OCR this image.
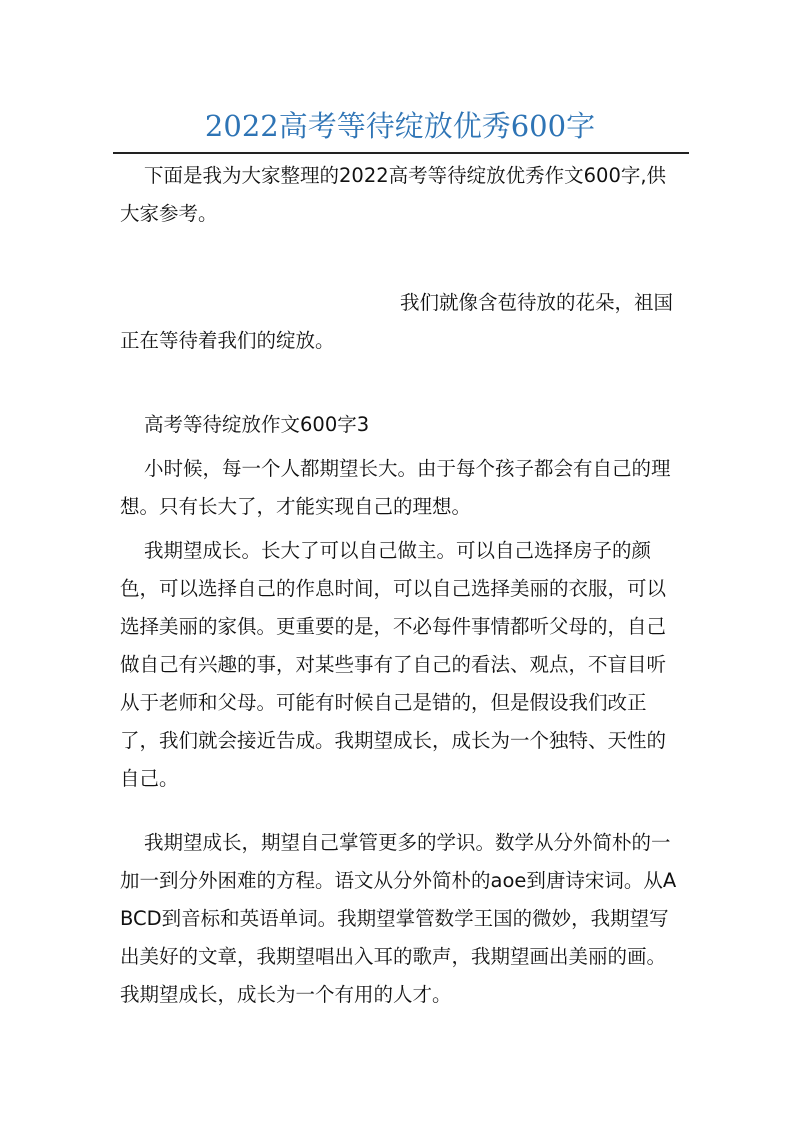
2022高考等待绽放优秀600字

下面是我为大家整理的2022高考等待绽放优秀作文600字,供大家参考。

我们就像含苞待放的花朵，祖国正在等待着我们的绽放。

高考等待绽放作文600字3

小时候，每一个人都期望长大。由于每个孩子都会有自己的理想。只有长大了，才能实现自己的理想。

我期望成长。长大了可以自己做主。可以自己选择房子的颜色，可以选择自己的作息时间，可以自己选择美丽的衣服，可以选择美丽的家俱。更重要的是，不必每件事情都听父母的，自己做自己有兴趣的事，对某些事有了自己的看法、观点，不盲目听从于老师和父母。可能有时候自己是错的，但是假设我们改正了，我们就会接近告成。我期望成长，成长为一个独特、天性的自己。

我期望成长，期望自己掌管更多的学识。数学从分外简朴的一加一到分外困难的方程。语文从分外简朴的aoe到唐诗宋词。从ABCD到音标和英语单词。我期望掌管数学王国的微妙，我期望写出美好的文章，我期望唱出入耳的歌声，我期望画出美丽的画。我期望成长，成长为一个有用的人才。
